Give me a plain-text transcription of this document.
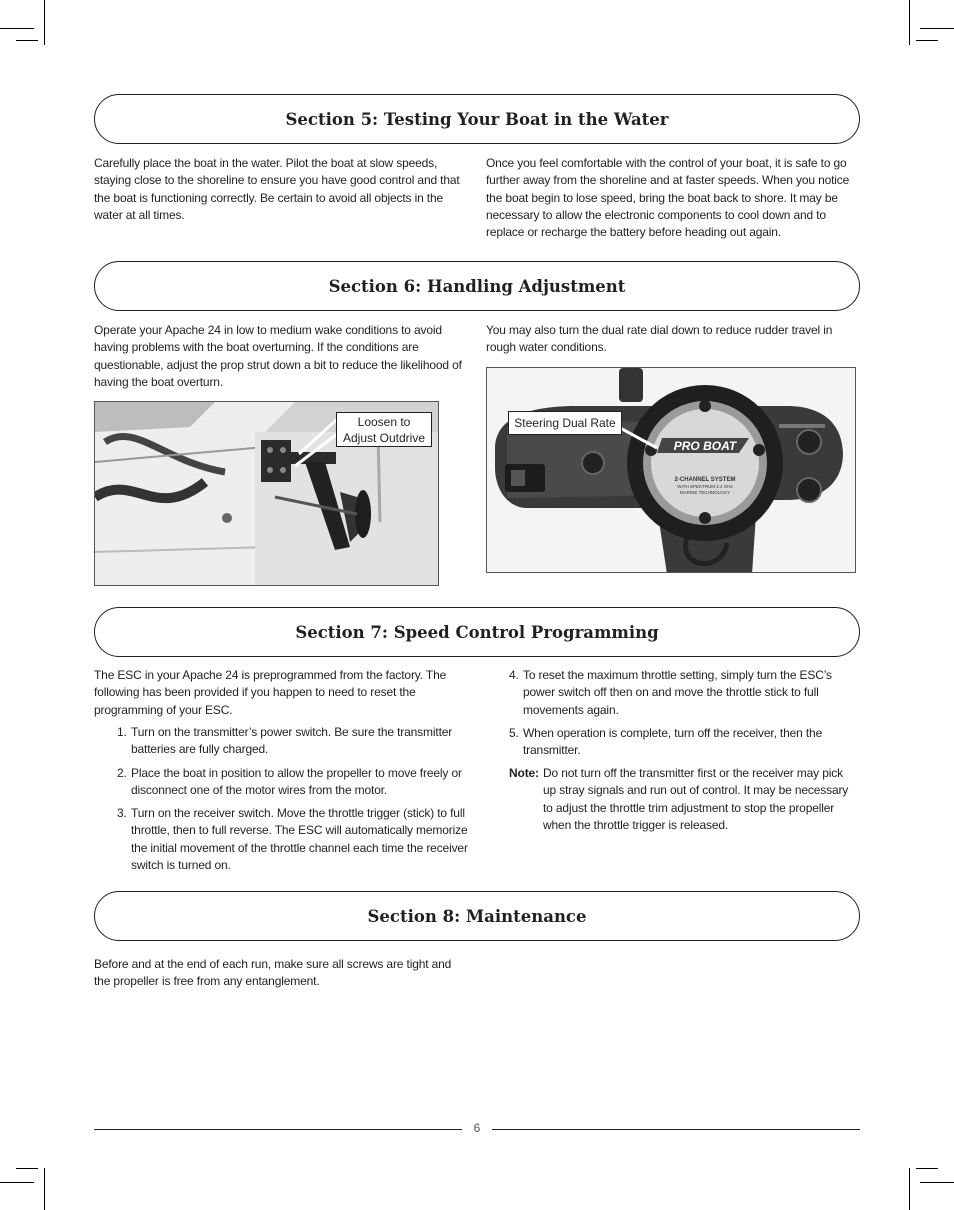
Section 5: Testing Your Boat in the Water

Carefully place the boat in the water. Pilot the boat at slow speeds, staying close to the shoreline to ensure you have good control and that the boat is functioning correctly. Be certain to avoid all objects in the water at all times.

Once you feel comfortable with the control of your boat, it is safe to go further away from the shoreline and at faster speeds. When you notice the boat begin to lose speed, bring the boat back to shore. It may be necessary to allow the electronic components to cool down and to replace or recharge the battery before heading out again.

Section 6: Handling Adjustment

Operate your Apache 24 in low to medium wake conditions to avoid having problems with the boat overturning. If the conditions are questionable, adjust the prop strut down a bit to reduce the likelihood of having the boat overturn.

You may also turn the dual rate dial down to reduce rudder travel in rough water conditions.

Loosen to Adjust Outdrive
PRO BOAT
2-CHANNEL SYSTEM
WITH SPEKTRUM 2.4 GHz
MARINE TECHNOLOGY
Steering Dual Rate
Section 7: Speed Control Programming

The ESC in your Apache 24 is preprogrammed from the factory. The following has been provided if you happen to need to reset the programming of your ESC.

1. Turn on the transmitter’s power switch. Be sure the transmitter batteries are fully charged.
2. Place the boat in position to allow the propeller to move freely or disconnect one of the motor wires from the motor.
3. Turn on the receiver switch. Move the throttle trigger (stick) to full throttle, then to full reverse. The ESC will automatically memorize the initial movement of the throttle channel each time the receiver switch is turned on.
4. To reset the maximum throttle setting, simply turn the ESC’s power switch off then on and move the throttle stick to full movements again.
5. When operation is complete, turn off the receiver, then the transmitter.
Note: Do not turn off the transmitter first or the receiver may pick up stray signals and run out of control. It may be necessary to adjust the throttle trim adjustment to stop the propeller when the throttle trigger is released.
Section 8: Maintenance

Before and at the end of each run, make sure all screws are tight and the propeller is free from any entanglement.

6
